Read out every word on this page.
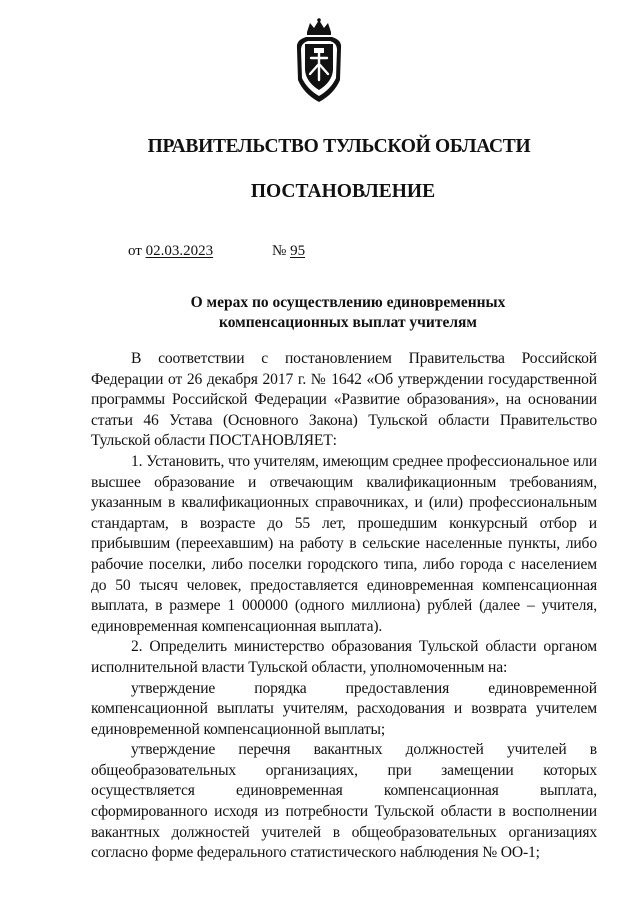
ПРАВИТЕЛЬСТВО ТУЛЬСКОЙ ОБЛАСТИ
ПОСТАНОВЛЕНИЕ
от 02.03.2023	№ 95
О мерах по осуществлению единовременных
компенсационных выплат учителям

В соответствии с постановлением Правительства Российской Федерации от 26 декабря 2017 г. № 1642 «Об утверждении государственной программы Российской Федерации «Развитие образования», на основании статьи 46 Устава (Основного Закона) Тульской области Правительство Тульской области ПОСТАНОВЛЯЕТ:

1. Установить, что учителям, имеющим среднее профессиональное или высшее образование и отвечающим квалификационным требованиям, указанным в квалификационных справочниках, и (или) профессиональным стандартам, в возрасте до 55 лет, прошедшим конкурсный отбор и прибывшим (переехавшим) на работу в сельские населенные пункты, либо рабочие поселки, либо поселки городского типа, либо города с населением до 50 тысяч человек, предоставляется единовременная компенсационная выплата, в размере 1 000000 (одного миллиона) рублей (далее – учителя, единовременная компенсационная выплата).

2. Определить министерство образования Тульской области органом исполнительной власти Тульской области, уполномоченным на:

утверждение порядка предоставления единовременной компенсационной выплаты учителям, расходования и возврата учителем единовременной компенсационной выплаты;

утверждение перечня вакантных должностей учителей в общеобразовательных организациях, при замещении которых осуществляется единовременная компенсационная выплата, сформированного исходя из потребности Тульской области в восполнении вакантных должностей учителей в общеобразовательных организациях согласно форме федерального статистического наблюдения № ОО-1;
